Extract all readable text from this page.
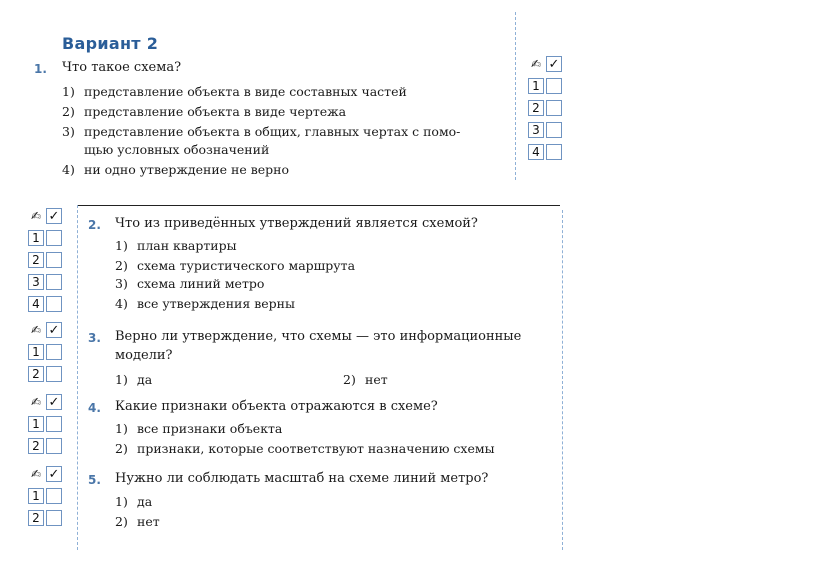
Вариант 2
1. Что такое схема?
1) представление объекта в виде составных частей
2) представление объекта в виде чертежа
3) представление объекта в общих, главных чертах с помо-
щью условных обозначений
4) ни одно утверждение не верно
✍ ✓
1
2
3
4
✍ ✓
1
2
3
4
2. Что из приведённых утверждений является схемой?
1) план квартиры
2) схема туристического маршрута
3) схема линий метро
4) все утверждения верны
✍ ✓
1
2
3. Верно ли утверждение, что схемы — это информационные
модели?
1) да	2) нет
✍ ✓
1
2
4. Какие признаки объекта отражаются в схеме?
1) все признаки объекта
2) признаки, которые соответствуют назначению схемы
✍ ✓
1
2
5. Нужно ли соблюдать масштаб на схеме линий метро?
1) да
2) нет
